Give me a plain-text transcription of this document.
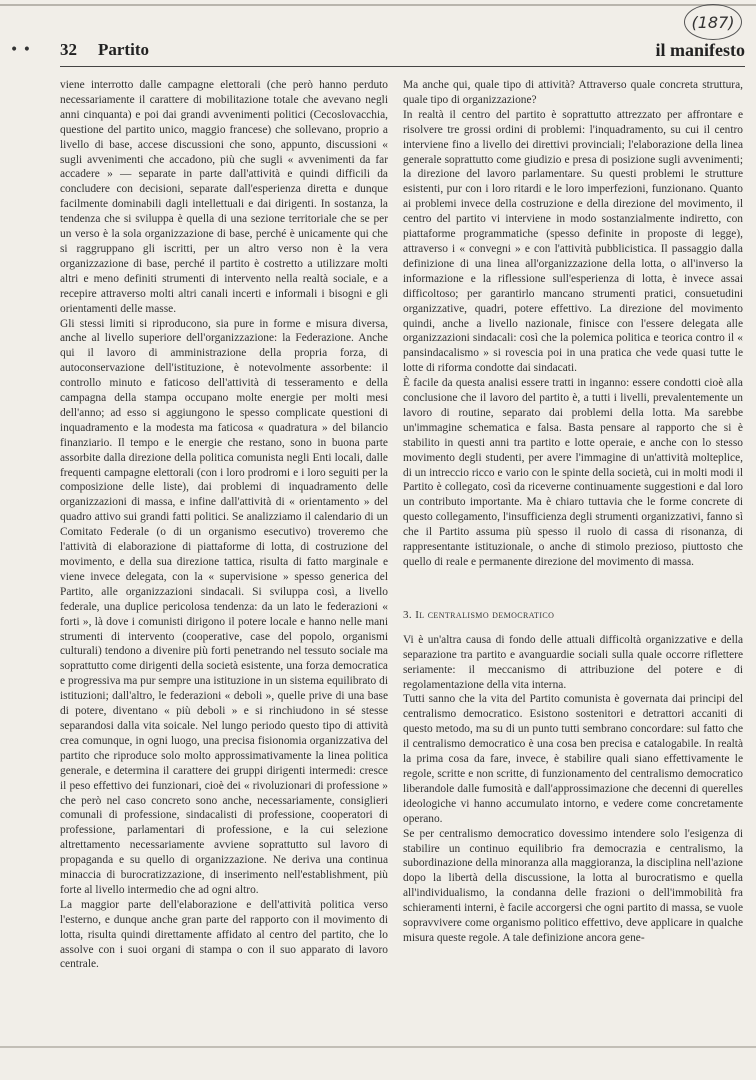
(187)
• • 32 Partito	il manifesto

viene interrotto dalle campagne elettorali (che però hanno perduto necessariamente il carattere di mobilitazione totale che avevano negli anni cinquanta) e poi dai grandi avvenimenti politici (Cecoslovacchia, questione del partito unico, maggio francese) che sollevano, proprio a livello di base, accese discussioni che sono, appunto, discussioni « sugli avvenimenti che accadono, più che sugli « avvenimenti da far accadere » — separate in parte dall'attività e quindi difficili da concludere con decisioni, separate dall'esperienza diretta e dunque facilmente dominabili dagli intellettuali e dai dirigenti. In sostanza, la tendenza che si sviluppa è quella di una sezione territoriale che se per un verso è la sola organizzazione di base, perché è unicamente qui che si raggruppano gli iscritti, per un altro verso non è la vera organizzazione di base, perché il partito è costretto a utilizzare molti altri e meno definiti strumenti di intervento nella realtà sociale, e a recepire attraverso molti altri canali incerti e informali i bisogni e gli orientamenti delle masse.

Gli stessi limiti si riproducono, sia pure in forme e misura diversa, anche al livello superiore dell'organizzazione: la Federazione. Anche qui il lavoro di amministrazione della propria forza, di autoconservazione dell'istituzione, è notevolmente assorbente: il controllo minuto e faticoso dell'attività di tesseramento e della campagna della stampa occupano molte energie per molti mesi dell'anno; ad esso si aggiungono le spesso complicate questioni di inquadramento e la modesta ma faticosa « quadratura » del bilancio finanziario. Il tempo e le energie che restano, sono in buona parte assorbite dalla direzione della politica comunista negli Enti locali, dalle frequenti campagne elettorali (con i loro prodromi e i loro seguiti per la composizione delle liste), dai problemi di inquadramento delle organizzazioni di massa, e infine dall'attività di « orientamento » del quadro attivo sui grandi fatti politici. Se analizziamo il calendario di un Comitato Federale (o di un organismo esecutivo) troveremo che l'attività di elaborazione di piattaforme di lotta, di costruzione del movimento, e della sua direzione tattica, risulta di fatto marginale e viene invece delegata, con la « supervisione » spesso generica del Partito, alle organizzazioni sindacali. Si sviluppa così, a livello federale, una duplice pericolosa tendenza: da un lato le federazioni « forti », là dove i comunisti dirigono il potere locale e hanno nelle mani strumenti di intervento (cooperative, case del popolo, organismi culturali) tendono a divenire più forti penetrando nel tessuto sociale ma soprattutto come dirigenti della società esistente, una forza democratica e progressiva ma pur sempre una istituzione in un sistema equilibrato di istituzioni; dall'altro, le federazioni « deboli », quelle prive di una base di potere, diventano « più deboli » e si rinchiudono in sé stesse separandosi dalla vita soicale. Nel lungo periodo questo tipo di attività crea comunque, in ogni luogo, una precisa fisionomia organizzativa del partito che riproduce solo molto approssimativamente la linea politica generale, e determina il carattere dei gruppi dirigenti intermedi: cresce il peso effettivo dei funzionari, cioè dei « rivoluzionari di professione » che però nel caso concreto sono anche, necessariamente, consiglieri comunali di professione, sindacalisti di professione, cooperatori di professione, parlamentari di professione, e la cui selezione altrettamento necessariamente avviene soprattutto sul lavoro di propaganda e su quello di organizzazione. Ne deriva una continua minaccia di burocratizzazione, di inserimento nell'establishment, più forte al livello intermedio che ad ogni altro.

La maggior parte dell'elaborazione e dell'attività politica verso l'esterno, e dunque anche gran parte del rapporto con il movimento di lotta, risulta quindi direttamente affidato al centro del partito, che lo assolve con i suoi organi di stampa o con il suo apparato di lavoro centrale.

Ma anche qui, quale tipo di attività? Attraverso quale concreta struttura, quale tipo di organizzazione?

In realtà il centro del partito è soprattutto attrezzato per affrontare e risolvere tre grossi ordini di problemi: l'inquadramento, su cui il centro interviene fino a livello dei direttivi provinciali; l'elaborazione della linea generale soprattutto come giudizio e presa di posizione sugli avvenimenti; la direzione del lavoro parlamentare. Su questi problemi le strutture esistenti, pur con i loro ritardi e le loro imperfezioni, funzionano. Quanto ai problemi invece della costruzione e della direzione del movimento, il centro del partito vi interviene in modo sostanzialmente indiretto, con piattaforme programmatiche (spesso definite in proposte di legge), attraverso i « convegni » e con l'attività pubblicistica. Il passaggio dalla definizione di una linea all'organizzazione della lotta, o all'inverso la informazione e la riflessione sull'esperienza di lotta, è invece assai difficoltoso; per garantirlo mancano strumenti pratici, consuetudini organizzative, quadri, potere effettivo. La direzione del movimento quindi, anche a livello nazionale, finisce con l'essere delegata alle organizzazioni sindacali: così che la polemica politica e teorica contro il « pansindacalismo » si rovescia poi in una pratica che vede quasi tutte le lotte di riforma condotte dai sindacati.

È facile da questa analisi essere tratti in inganno: essere condotti cioè alla conclusione che il lavoro del partito è, a tutti i livelli, prevalentemente un lavoro di routine, separato dai problemi della lotta. Ma sarebbe un'immagine schematica e falsa. Basta pensare al rapporto che si è stabilito in questi anni tra partito e lotte operaie, e anche con lo stesso movimento degli studenti, per avere l'immagine di un'attività molteplice, di un intreccio ricco e vario con le spinte della società, cui in molti modi il Partito è collegato, così da riceverne continuamente suggestioni e dal loro un contributo importante. Ma è chiaro tuttavia che le forme concrete di questo collegamento, l'insufficienza degli strumenti organizzativi, fanno sì che il Partito assuma più spesso il ruolo di cassa di risonanza, di rappresentante istituzionale, o anche di stimolo prezioso, piuttosto che quello di reale e permanente direzione del movimento di massa.

3. Il centralismo democratico

Vi è un'altra causa di fondo delle attuali difficoltà organizzative e della separazione tra partito e avanguardie sociali sulla quale occorre riflettere seriamente: il meccanismo di attribuzione del potere e di regolamentazione della vita interna.

Tutti sanno che la vita del Partito comunista è governata dai principi del centralismo democratico. Esistono sostenitori e detrattori accaniti di questo metodo, ma su di un punto tutti sembrano concordare: sul fatto che il centralismo democratico è una cosa ben precisa e catalogabile. In realtà la prima cosa da fare, invece, è stabilire quali siano effettivamente le regole, scritte e non scritte, di funzionamento del centralismo democratico liberandole dalle fumosità e dall'approssimazione che decenni di querelles ideologiche vi hanno accumulato intorno, e vedere come concretamente operano.

Se per centralismo democratico dovessimo intendere solo l'esigenza di stabilire un continuo equilibrio fra democrazia e centralismo, la subordinazione della minoranza alla maggioranza, la disciplina nell'azione dopo la libertà della discussione, la lotta al burocratismo e quella all'individualismo, la condanna delle frazioni o dell'immobilità fra schieramenti interni, è facile accorgersi che ogni partito di massa, se vuole sopravvivere come organismo politico effettivo, deve applicare in qualche misura queste regole. A tale definizione ancora gene-
